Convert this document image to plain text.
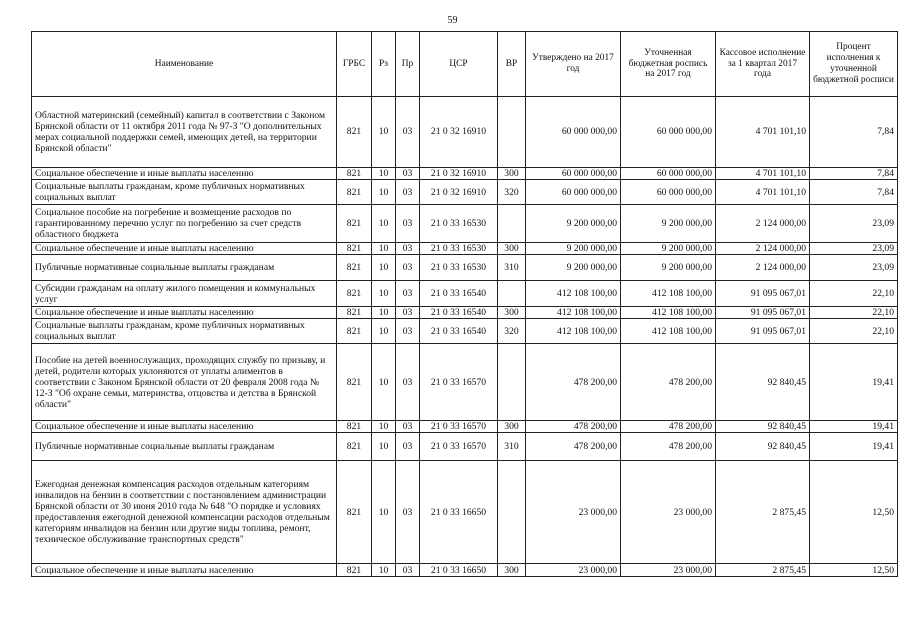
59
Наименование	ГРБС	Рз	Пр	ЦСР	ВР	Утверждено на 2017 год	Уточненная бюджетная роспись на 2017 год	Кассовое исполнение за 1 квартал 2017 года	Процент исполнения к уточненной бюджетной росписи
Областной материнский (семейный) капитал в соответствии с Законом Брянской области от 11 октября 2011 года № 97-З "О дополнительных мерах социальной поддержки семей, имеющих детей, на территории Брянской области"	821	10	03	21 0 32 16910		60 000 000,00	60 000 000,00	4 701 101,10	7,84
Социальное обеспечение и иные выплаты населению	821	10	03	21 0 32 16910	300	60 000 000,00	60 000 000,00	4 701 101,10	7,84
Социальные выплаты гражданам, кроме публичных нормативных социальных выплат	821	10	03	21 0 32 16910	320	60 000 000,00	60 000 000,00	4 701 101,10	7,84
Социальное пособие на погребение и возмещение расходов по гарантированному перечню услуг по погребению за счет средств областного бюджета	821	10	03	21 0 33 16530		9 200 000,00	9 200 000,00	2 124 000,00	23,09
Социальное обеспечение и иные выплаты населению	821	10	03	21 0 33 16530	300	9 200 000,00	9 200 000,00	2 124 000,00	23,09
Публичные нормативные социальные выплаты гражданам	821	10	03	21 0 33 16530	310	9 200 000,00	9 200 000,00	2 124 000,00	23,09
Субсидии гражданам на оплату жилого помещения и коммунальных услуг	821	10	03	21 0 33 16540		412 108 100,00	412 108 100,00	91 095 067,01	22,10
Социальное обеспечение и иные выплаты населению	821	10	03	21 0 33 16540	300	412 108 100,00	412 108 100,00	91 095 067,01	22,10
Социальные выплаты гражданам, кроме публичных нормативных социальных выплат	821	10	03	21 0 33 16540	320	412 108 100,00	412 108 100,00	91 095 067,01	22,10
Пособие на детей военнослужащих, проходящих службу по призыву, и детей, родители которых уклоняются от уплаты алиментов в соответствии с Законом Брянской области от 20 февраля 2008 года № 12-З "Об охране семьи, материнства, отцовства и детства в Брянской области"	821	10	03	21 0 33 16570		478 200,00	478 200,00	92 840,45	19,41
Социальное обеспечение и иные выплаты населению	821	10	03	21 0 33 16570	300	478 200,00	478 200,00	92 840,45	19,41
Публичные нормативные социальные выплаты гражданам	821	10	03	21 0 33 16570	310	478 200,00	478 200,00	92 840,45	19,41
Ежегодная денежная компенсация расходов отдельным категориям инвалидов на бензин в соответствии с постановлением администрации Брянской области от 30 июня 2010 года № 648 "О порядке и условиях предоставления ежегодной денежной компенсации расходов отдельным категориям инвалидов на бензин или другие виды топлива, ремонт, техническое обслуживание транспортных средств"	821	10	03	21 0 33 16650		23 000,00	23 000,00	2 875,45	12,50
Социальное обеспечение и иные выплаты населению	821	10	03	21 0 33 16650	300	23 000,00	23 000,00	2 875,45	12,50
